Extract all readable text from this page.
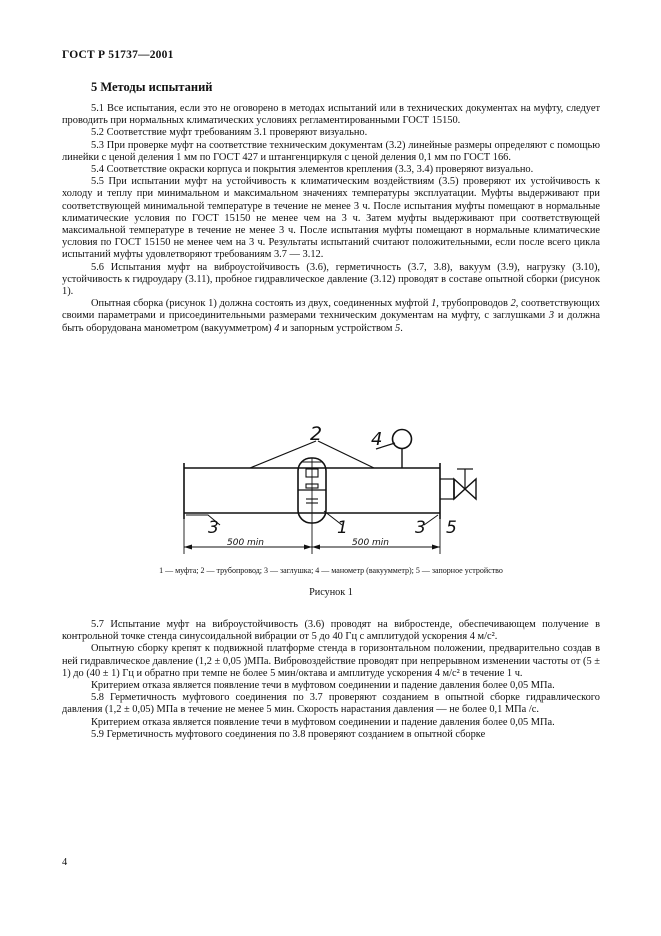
ГОСТ Р 51737—2001
5 Методы испытаний

5.1 Все испытания, если это не оговорено в методах испытаний или в технических документах на муфту, следует проводить при нормальных климатических условиях регламентированными ГОСТ 15150.

5.2 Соответствие муфт требованиям 3.1 проверяют визуально.

5.3 При проверке муфт на соответствие техническим документам (3.2) линейные размеры определяют с помощью линейки с ценой деления 1 мм по ГОСТ 427 и штангенциркуля с ценой деления 0,1 мм по ГОСТ 166.

5.4 Соответствие окраски корпуса и покрытия элементов крепления (3.3, 3.4) проверяют визуально.

5.5 При испытании муфт на устойчивость к климатическим воздействиям (3.5) проверяют их устойчивость к холоду и теплу при минимальном и максимальном значениях температуры эксплуатации. Муфты выдерживают при соответствующей минимальной температуре в течение не менее 3 ч. После испытания муфты помещают в нормальные климатические условия по ГОСТ 15150 не менее чем на 3 ч. Затем муфты выдерживают при соответствующей максимальной температуре в течение не менее 3 ч. После испытания муфты помещают в нормальные климатические условия по ГОСТ 15150 не менее чем на 3 ч. Результаты испытаний считают положительными, если после всего цикла испытаний муфты удовлетворяют требованиям 3.7 — 3.12.

5.6 Испытания муфт на виброустойчивость (3.6), герметичность (3.7, 3.8), вакуум (3.9), нагрузку (3.10), устойчивость к гидроудару (3.11), пробное гидравлическое давление (3.12) проводят в составе опытной сборки (рисунок 1).

Опытная сборка (рисунок 1) должна состоять из двух, соединенных муфтой 1, трубопроводов 2, соответствующих своими параметрами и присоединительными размерами техническим документам на муфту, с заглушками 3 и должна быть оборудована манометром (вакуумметром) 4 и запорным устройством 5.

2	4
3	1	3 5
500 min	500 min
1 — муфта; 2 — трубопровод; 3 — заглушка; 4 — манометр (вакуумметр); 5 — запорное устройство
Рисунок 1

5.7 Испытание муфт на виброустойчивость (3.6) проводят на вибростенде, обеспечивающем получение в контрольной точке стенда синусоидальной вибрации от 5 до 40 Гц с амплитудой ускорения 4 м/с².

Опытную сборку крепят к подвижной платформе стенда в горизонтальном положении, предварительно создав в ней гидравлическое давление (1,2 ± 0,05 )МПа. Вибровоздействие проводят при непрерывном изменении частоты от (5 ± 1) до (40 ± 1) Гц и обратно при темпе не более 5 мин/октава и амплитуде ускорения 4 м/с² в течение 1 ч.

Критерием отказа является появление течи в муфтовом соединении и падение давления более 0,05 МПа.

5.8 Герметичность муфтового соединения по 3.7 проверяют созданием в опытной сборке гидравлического давления (1,2 ± 0,05) МПа в течение не менее 5 мин. Скорость нарастания давления — не более 0,1 МПа /с.

Критерием отказа является появление течи в муфтовом соединении и падение давления более 0,05 МПа.

5.9 Герметичность муфтового соединения по 3.8 проверяют созданием в опытной сборке

4
